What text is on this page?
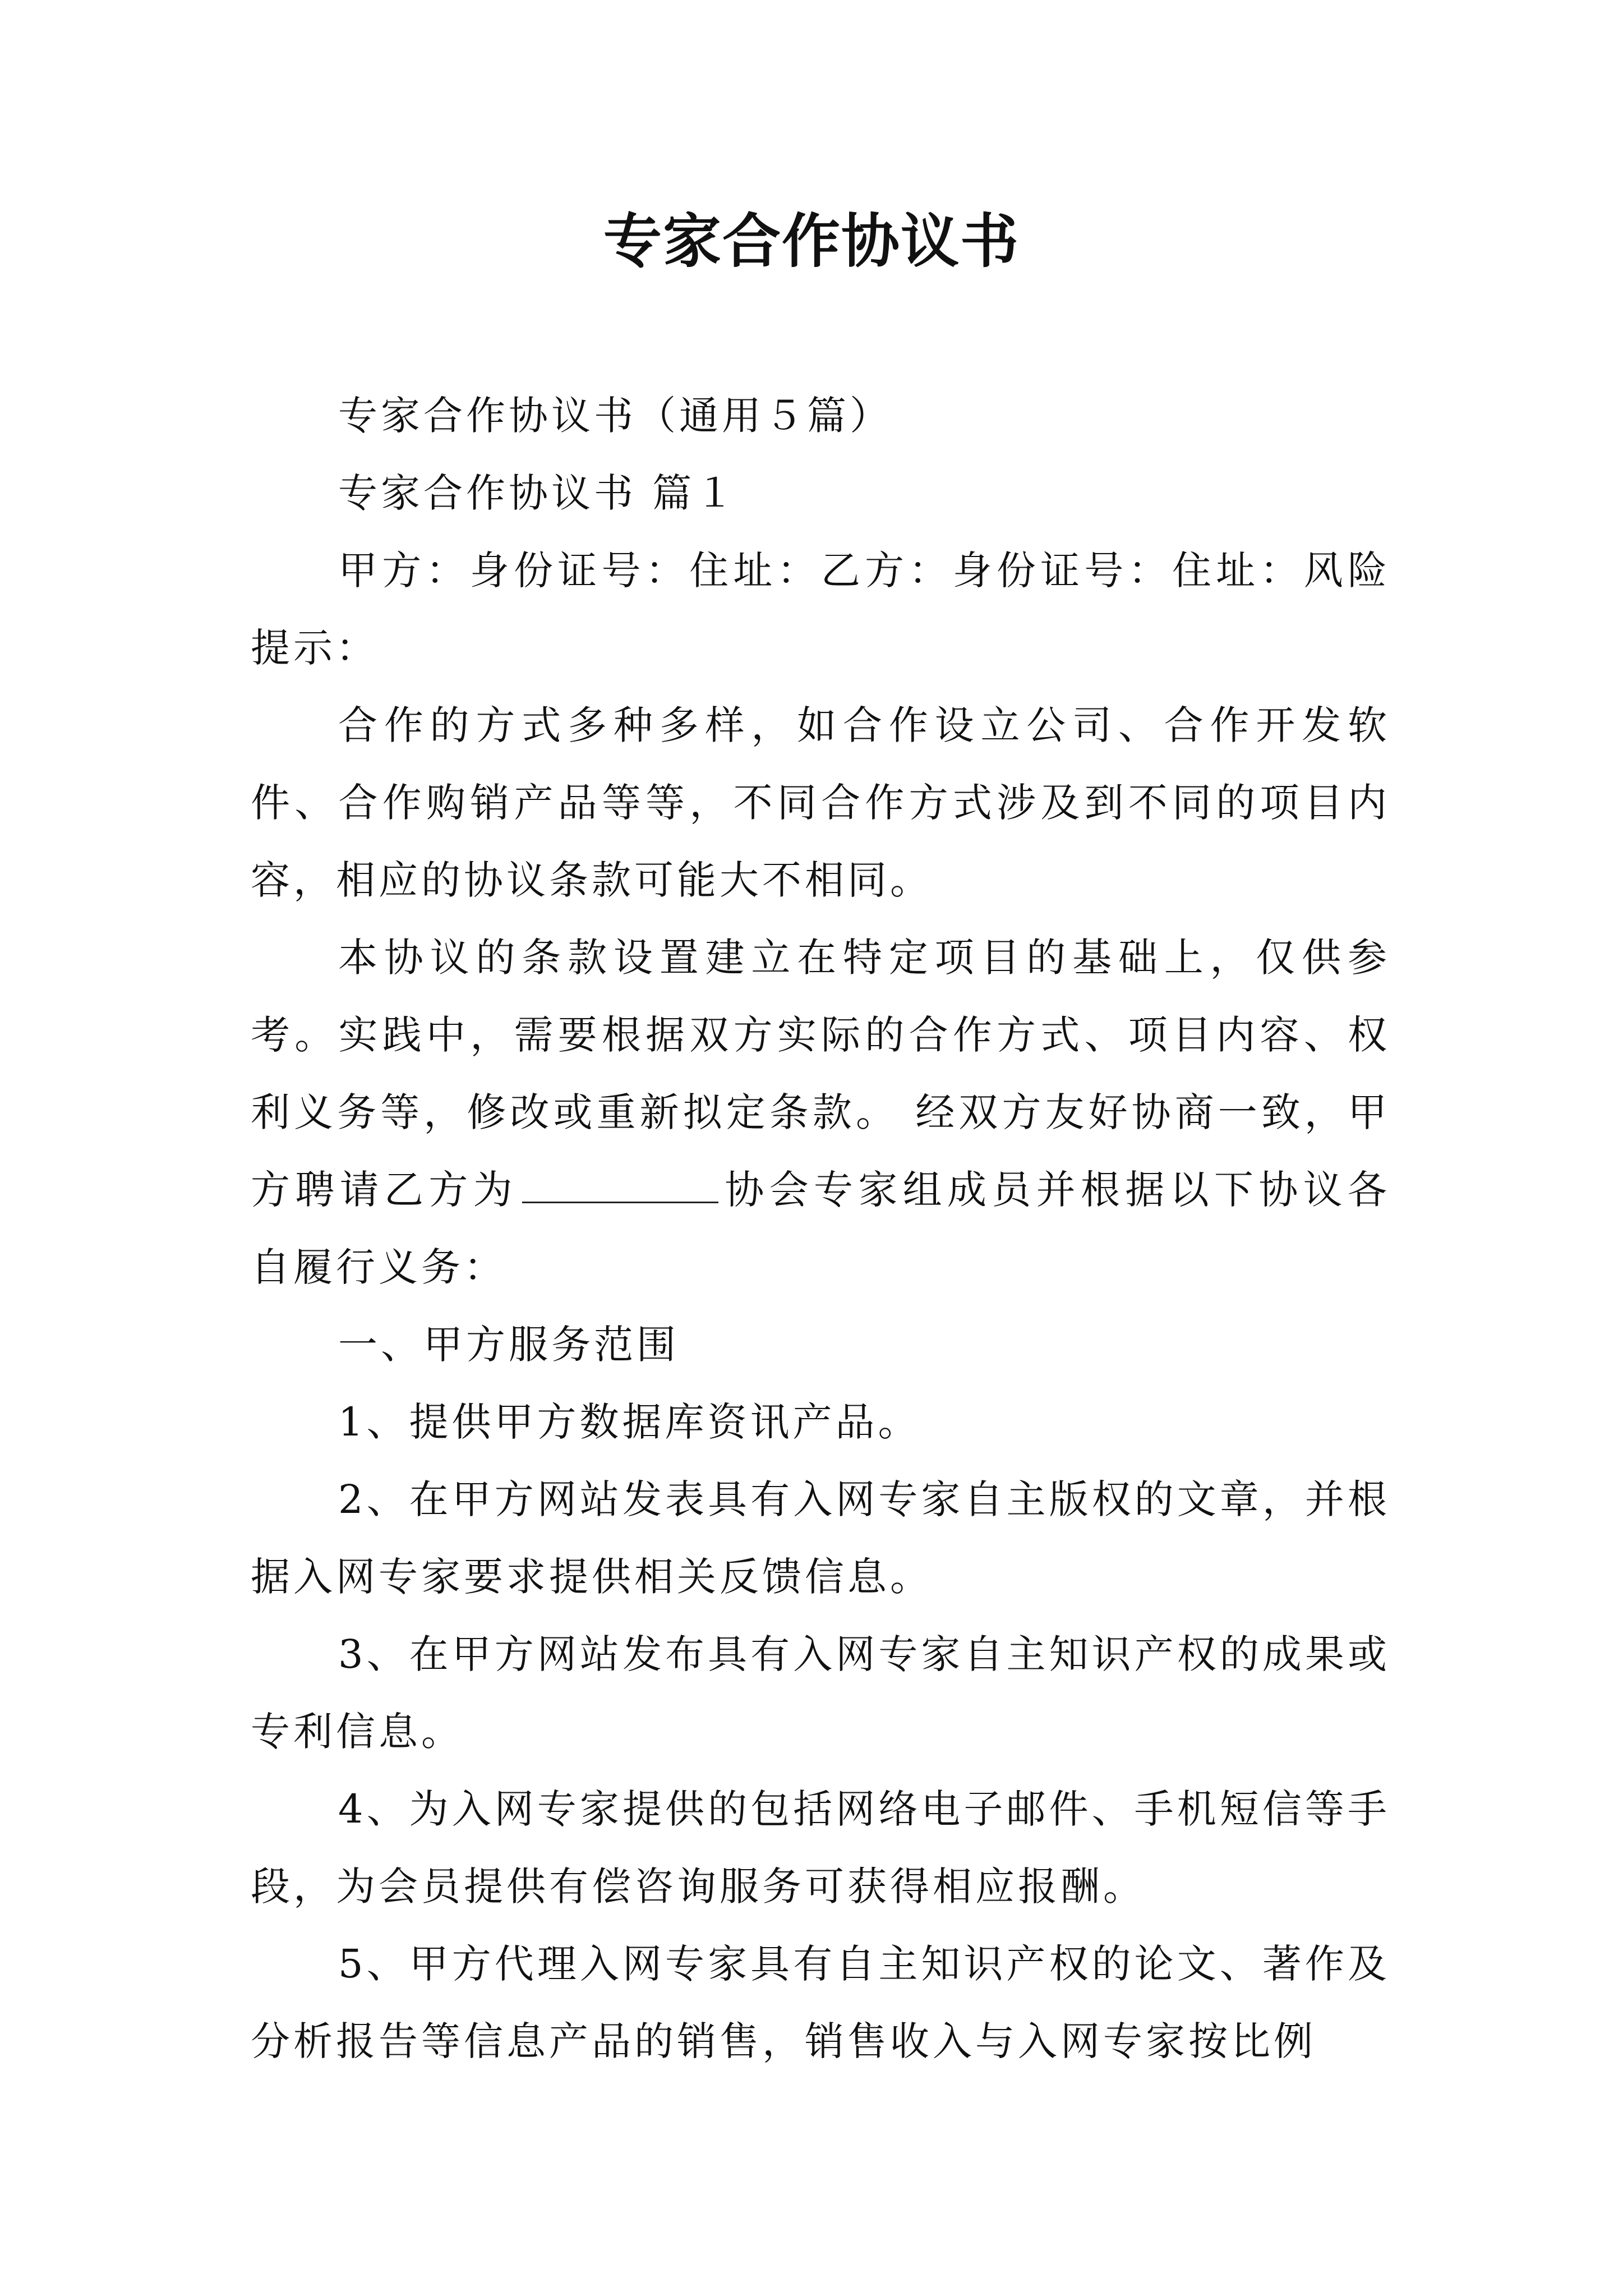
专家合作协议书

专家合作协议书（通用５篇）

专家合作协议书 篇１

甲方：身份证号：住址：乙方：身份证号：住址：风险提示：

合作的方式多种多样，如合作设立公司、合作开发软件、合作购销产品等等，不同合作方式涉及到不同的项目内容，相应的协议条款可能大不相同。

本协议的条款设置建立在特定项目的基础上，仅供参考。实践中，需要根据双方实际的合作方式、项目内容、权利义务等，修改或重新拟定条款。 经双方友好协商一致，甲方聘请乙方为	协会专家组成员并根据以下协议各自履行义务：

一、甲方服务范围

1、提供甲方数据库资讯产品。

2、在甲方网站发表具有入网专家自主版权的文章，并根据入网专家要求提供相关反馈信息。

3、在甲方网站发布具有入网专家自主知识产权的成果或专利信息。

4、为入网专家提供的包括网络电子邮件、手机短信等手段，为会员提供有偿咨询服务可获得相应报酬。

5、甲方代理入网专家具有自主知识产权的论文、著作及分析报告等信息产品的销售，销售收入与入网专家按比例
